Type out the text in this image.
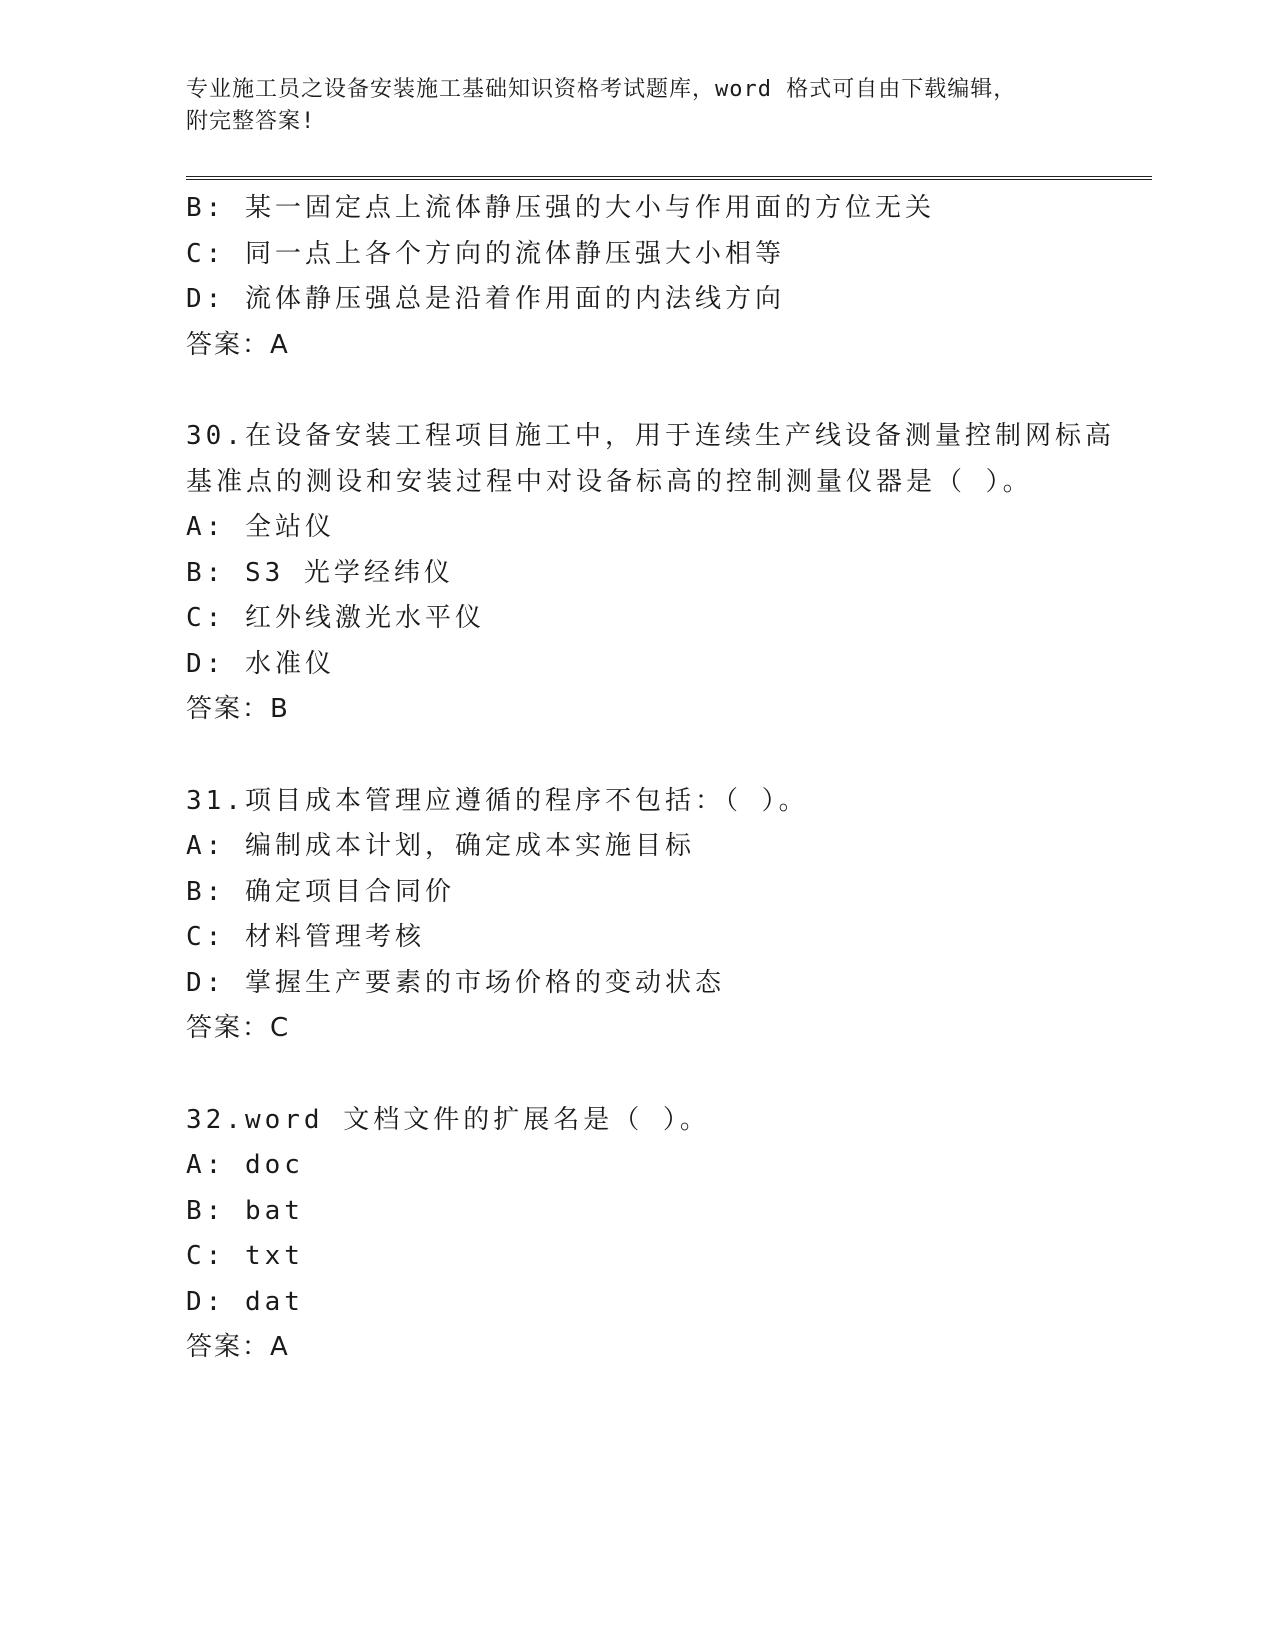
专业施工员之设备安装施工基础知识资格考试题库，word 格式可自由下载编辑，
附完整答案!
B: 某一固定点上流体静压强的大小与作用面的方位无关
C: 同一点上各个方向的流体静压强大小相等
D: 流体静压强总是沿着作用面的内法线方向
答案：A
30.在设备安装工程项目施工中，用于连续生产线设备测量控制网标高
基准点的测设和安装过程中对设备标高的控制测量仪器是（ ）。
A: 全站仪
B: S3 光学经纬仪
C: 红外线激光水平仪
D: 水准仪
答案：B
31.项目成本管理应遵循的程序不包括：（ ）。
A: 编制成本计划，确定成本实施目标
B: 确定项目合同价
C: 材料管理考核
D: 掌握生产要素的市场价格的变动状态
答案：C
32.word 文档文件的扩展名是（ ）。
A: doc
B: bat
C: txt
D: dat
答案：A
